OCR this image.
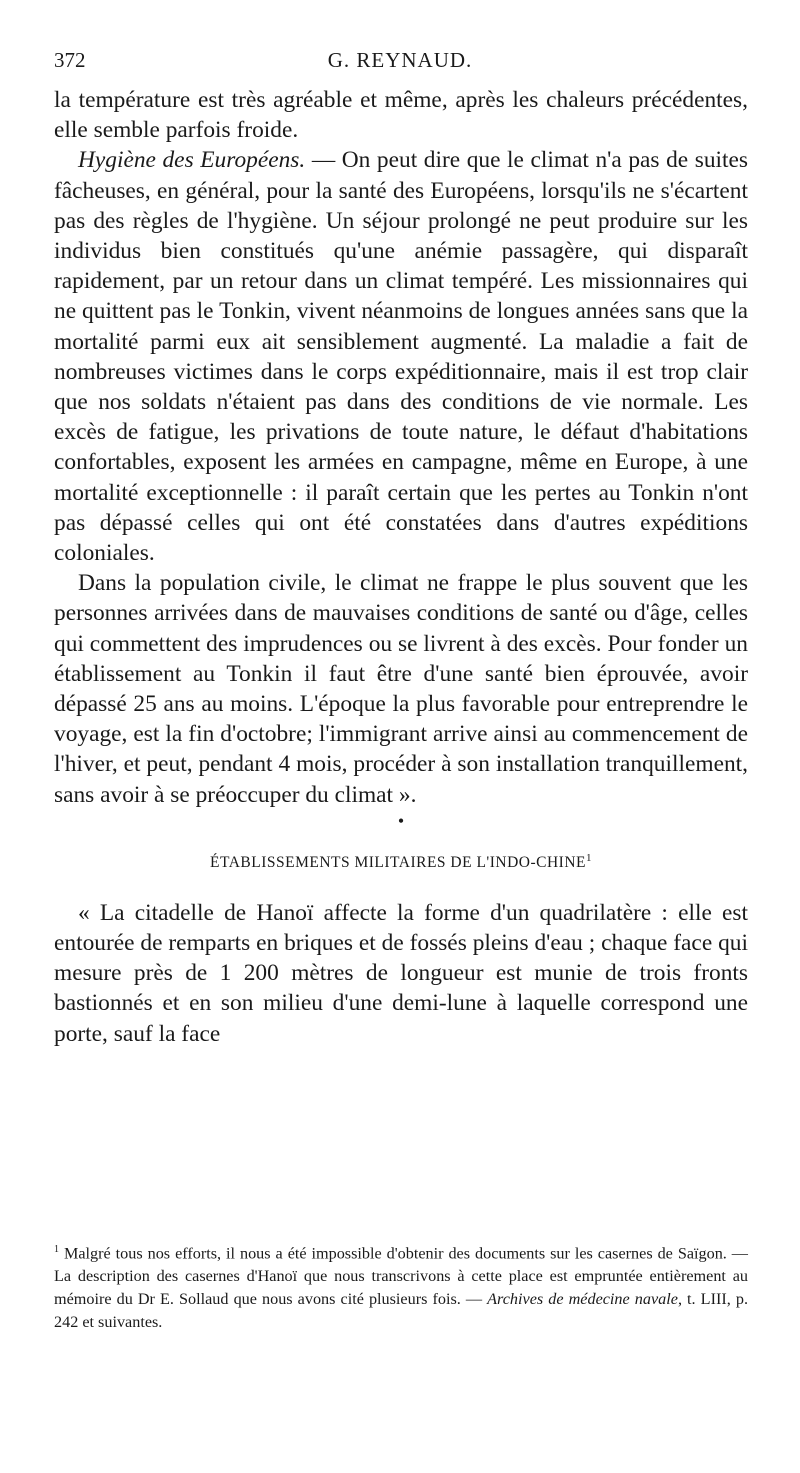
372	G. REYNAUD.

la température est très agréable et même, après les chaleurs précédentes, elle semble parfois froide.

Hygiène des Européens. — On peut dire que le climat n'a pas de suites fâcheuses, en général, pour la santé des Européens, lorsqu'ils ne s'écartent pas des règles de l'hygiène. Un séjour prolongé ne peut produire sur les individus bien constitués qu'une anémie passagère, qui disparaît rapidement, par un retour dans un climat tempéré. Les missionnaires qui ne quittent pas le Tonkin, vivent néanmoins de longues années sans que la mortalité parmi eux ait sensiblement augmenté. La maladie a fait de nombreuses victimes dans le corps expéditionnaire, mais il est trop clair que nos soldats n'étaient pas dans des conditions de vie normale. Les excès de fatigue, les privations de toute nature, le défaut d'habitations confortables, exposent les armées en campagne, même en Europe, à une mortalité exceptionnelle : il paraît certain que les pertes au Tonkin n'ont pas dépassé celles qui ont été constatées dans d'autres expéditions coloniales.

Dans la population civile, le climat ne frappe le plus souvent que les personnes arrivées dans de mauvaises conditions de santé ou d'âge, celles qui commettent des imprudences ou se livrent à des excès. Pour fonder un établissement au Tonkin il faut être d'une santé bien éprouvée, avoir dépassé 25 ans au moins. L'époque la plus favorable pour entreprendre le voyage, est la fin d'octobre; l'immigrant arrive ainsi au commencement de l'hiver, et peut, pendant 4 mois, procéder à son installation tranquillement, sans avoir à se préoccuper du climat ».

•
ÉTABLISSEMENTS MILITAIRES DE L'INDO-CHINE$^1$

« La citadelle de Hanoï affecte la forme d'un quadrilatère : elle est entourée de remparts en briques et de fossés pleins d'eau ; chaque face qui mesure près de 1 200 mètres de longueur est munie de trois fronts bastionnés et en son milieu d'une demi-lune à laquelle correspond une porte, sauf la face

$^1$ Malgré tous nos efforts, il nous a été impossible d'obtenir des documents sur les casernes de Saïgon. — La description des casernes d'Hanoï que nous transcrivons à cette place est empruntée entièrement au mémoire du Dr E. Sollaud que nous avons cité plusieurs fois. — Archives de médecine navale, t. LIII, p. 242 et suivantes.
